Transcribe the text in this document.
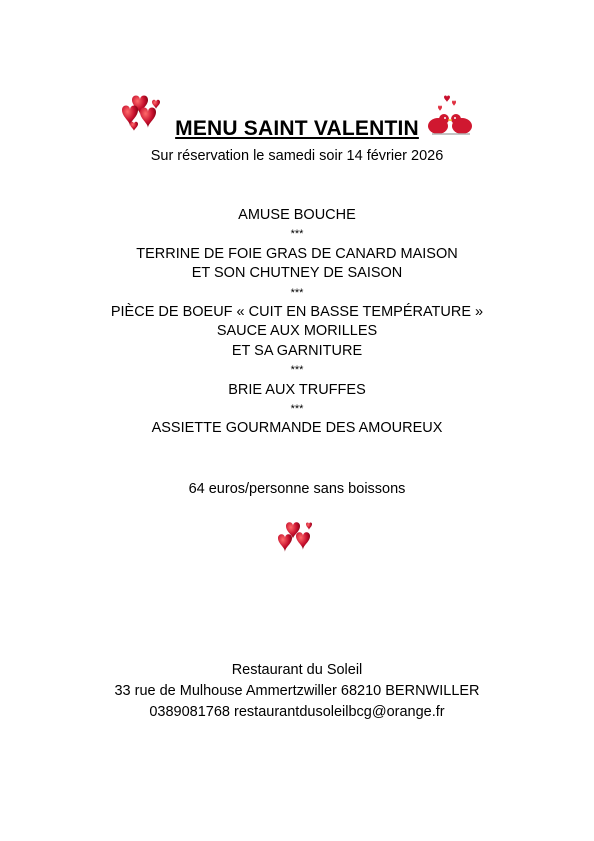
MENU SAINT VALENTIN
Sur réservation le samedi soir 14 février 2026
AMUSE BOUCHE
***
TERRINE DE FOIE GRAS DE CANARD MAISON
ET SON CHUTNEY DE SAISON
***
PIÈCE DE BOEUF « CUIT EN BASSE TEMPÉRATURE »
SAUCE AUX MORILLES
ET SA GARNITURE
***
BRIE AUX TRUFFES
***
ASSIETTE GOURMANDE DES AMOUREUX
64 euros/personne sans boissons
Restaurant du Soleil
33 rue de Mulhouse Ammertzwiller 68210 BERNWILLER
0389081768 restaurantdusoleilbcg@orange.fr
